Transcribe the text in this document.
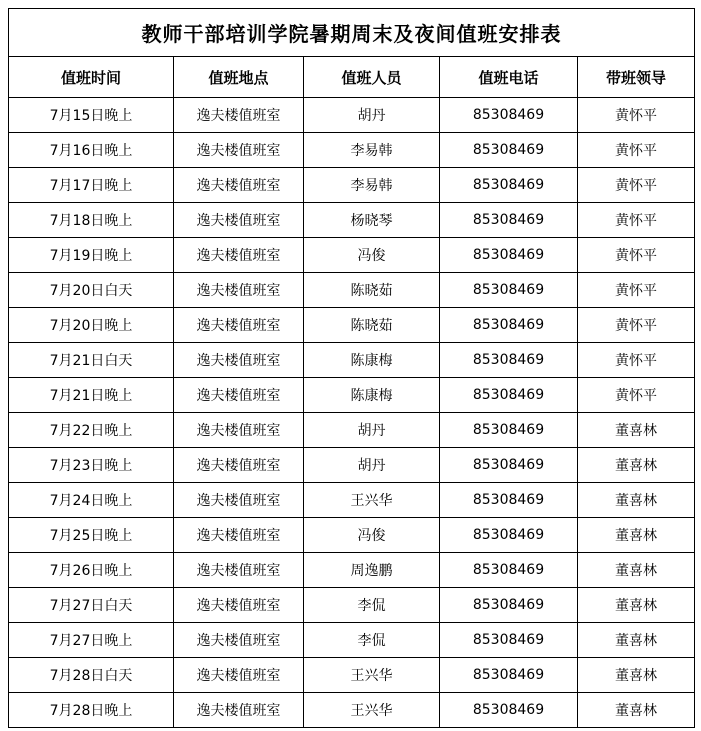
教师干部培训学院暑期周末及夜间值班安排表				
值班时间	值班地点	值班人员	值班电话	带班领导
7月15日晚上	逸夫楼值班室	胡丹	85308469	黄怀平
7月16日晚上	逸夫楼值班室	李易韩	85308469	黄怀平
7月17日晚上	逸夫楼值班室	李易韩	85308469	黄怀平
7月18日晚上	逸夫楼值班室	杨晓琴	85308469	黄怀平
7月19日晚上	逸夫楼值班室	冯俊	85308469	黄怀平
7月20日白天	逸夫楼值班室	陈晓茹	85308469	黄怀平
7月20日晚上	逸夫楼值班室	陈晓茹	85308469	黄怀平
7月21日白天	逸夫楼值班室	陈康梅	85308469	黄怀平
7月21日晚上	逸夫楼值班室	陈康梅	85308469	黄怀平
7月22日晚上	逸夫楼值班室	胡丹	85308469	董喜林
7月23日晚上	逸夫楼值班室	胡丹	85308469	董喜林
7月24日晚上	逸夫楼值班室	王兴华	85308469	董喜林
7月25日晚上	逸夫楼值班室	冯俊	85308469	董喜林
7月26日晚上	逸夫楼值班室	周逸鹏	85308469	董喜林
7月27日白天	逸夫楼值班室	李侃	85308469	董喜林
7月27日晚上	逸夫楼值班室	李侃	85308469	董喜林
7月28日白天	逸夫楼值班室	王兴华	85308469	董喜林
7月28日晚上	逸夫楼值班室	王兴华	85308469	董喜林
